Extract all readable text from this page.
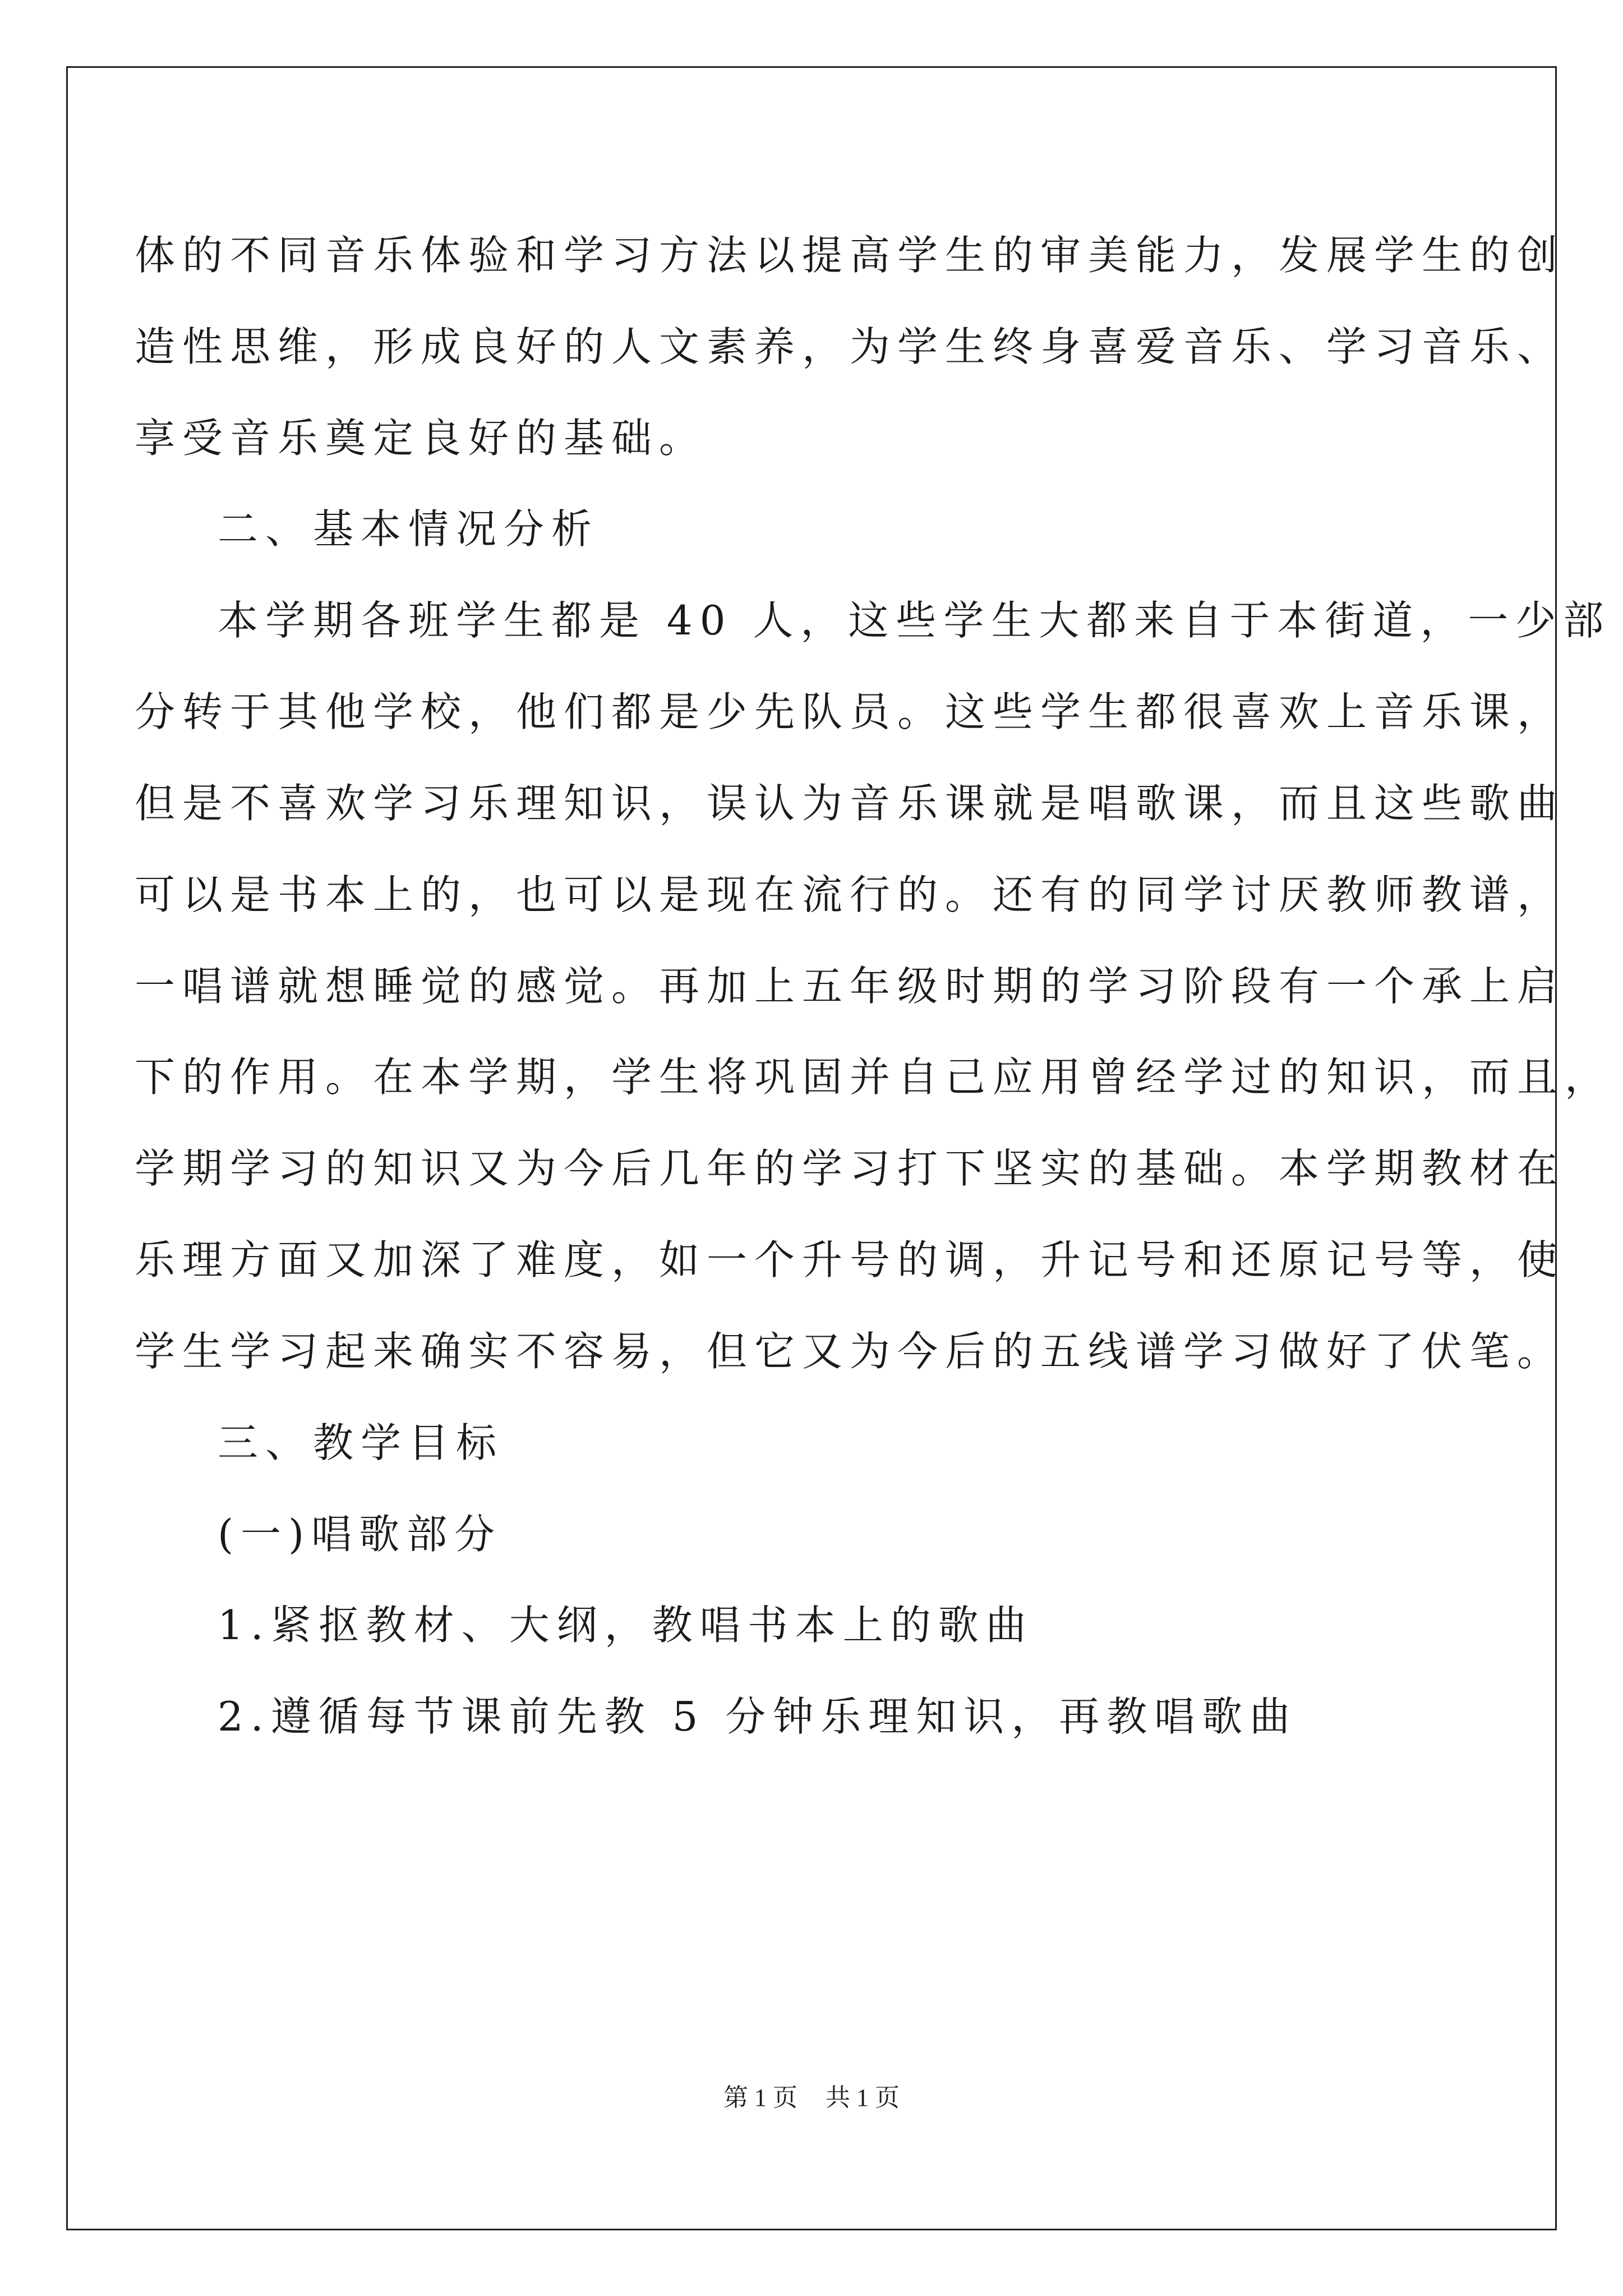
体的不同音乐体验和学习方法以提高学生的审美能力，发展学生的创
造性思维，形成良好的人文素养，为学生终身喜爱音乐、学习音乐、
享受音乐奠定良好的基础。
二、基本情况分析
本学期各班学生都是 40 人，这些学生大都来自于本街道，一少部
分转于其他学校，他们都是少先队员。这些学生都很喜欢上音乐课，
但是不喜欢学习乐理知识，误认为音乐课就是唱歌课，而且这些歌曲
可以是书本上的，也可以是现在流行的。还有的同学讨厌教师教谱，
一唱谱就想睡觉的感觉。再加上五年级时期的学习阶段有一个承上启
下的作用。在本学期，学生将巩固并自己应用曾经学过的知识，而且，
学期学习的知识又为今后几年的学习打下坚实的基础。本学期教材在
乐理方面又加深了难度，如一个升号的调，升记号和还原记号等，使
学生学习起来确实不容易，但它又为今后的五线谱学习做好了伏笔。
三、教学目标
(一)唱歌部分
1.紧抠教材、大纲，教唱书本上的歌曲
2.遵循每节课前先教 5 分钟乐理知识，再教唱歌曲
第 1 页 共 1 页
